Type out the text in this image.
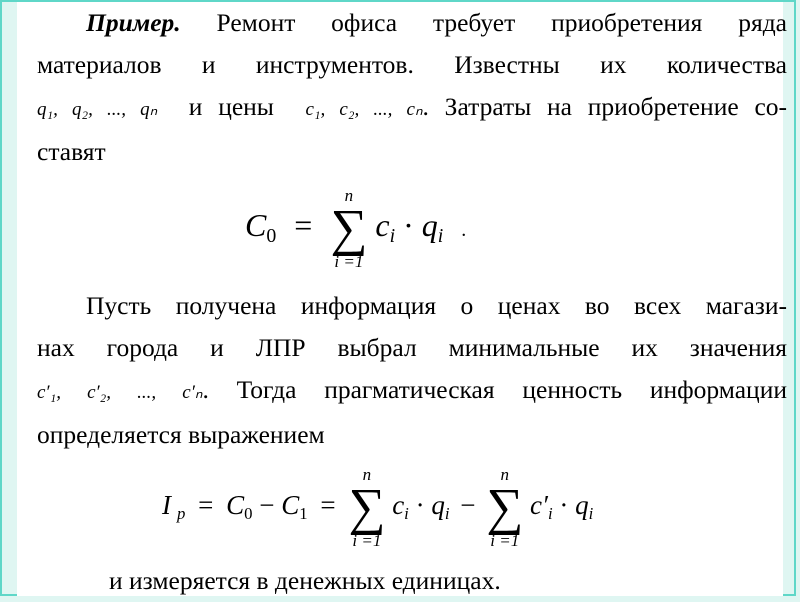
Пример. Ремонт офиса требует приобретения ряда
материалов и инструментов. Известны их количества
q₁, q₂, ..., qₙ и цены c₁, c₂, ..., cₙ. Затраты на приобретение со-
ставят
$C_0$ =
n
∑
i =1
ci · qi .
Пусть получена информация о ценах во всех магази-
нах города и ЛПР выбрал минимальные их значения
c′₁, c′₂, ..., c′ₙ. Тогда прагматическая ценность информации
определяется выражением
$Ip = C_0 - C_1$ =
n
∑
i =1
ci · qi −
n
∑
i =1
c′i · qi
и измеряется в денежных единицах.
